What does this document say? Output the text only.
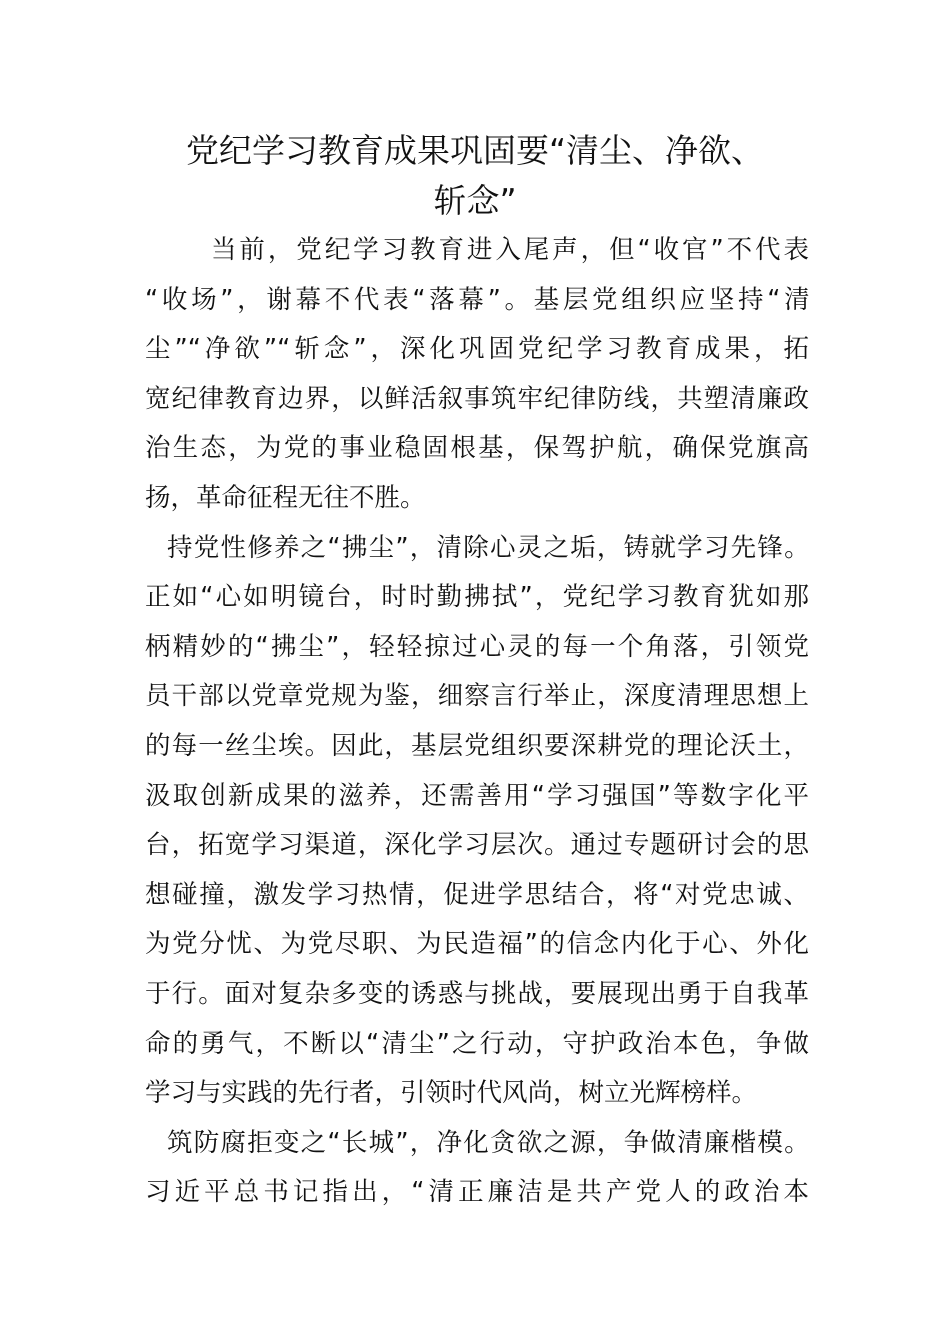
党纪学习教育成果巩固要“清尘、净欲、
斩念”
当前，党纪学习教育进入尾声，但“收官”不代表
“收场”，谢幕不代表“落幕”。基层党组织应坚持“清
尘”“净欲”“斩念”，深化巩固党纪学习教育成果，拓
宽纪律教育边界，以鲜活叙事筑牢纪律防线，共塑清廉政
治生态，为党的事业稳固根基，保驾护航，确保党旗高
扬，革命征程无往不胜。
持党性修养之“拂尘”，清除心灵之垢，铸就学习先锋。
正如“心如明镜台，时时勤拂拭”，党纪学习教育犹如那
柄精妙的“拂尘”，轻轻掠过心灵的每一个角落，引领党
员干部以党章党规为鉴，细察言行举止，深度清理思想上
的每一丝尘埃。因此，基层党组织要深耕党的理论沃土，
汲取创新成果的滋养，还需善用“学习强国”等数字化平
台，拓宽学习渠道，深化学习层次。通过专题研讨会的思
想碰撞，激发学习热情，促进学思结合，将“对党忠诚、
为党分忧、为党尽职、为民造福”的信念内化于心、外化
于行。面对复杂多变的诱惑与挑战，要展现出勇于自我革
命的勇气，不断以“清尘”之行动，守护政治本色，争做
学习与实践的先行者，引领时代风尚，树立光辉榜样。
筑防腐拒变之“长城”，净化贪欲之源，争做清廉楷模。
习近平总书记指出，“清正廉洁是共产党人的政治本
